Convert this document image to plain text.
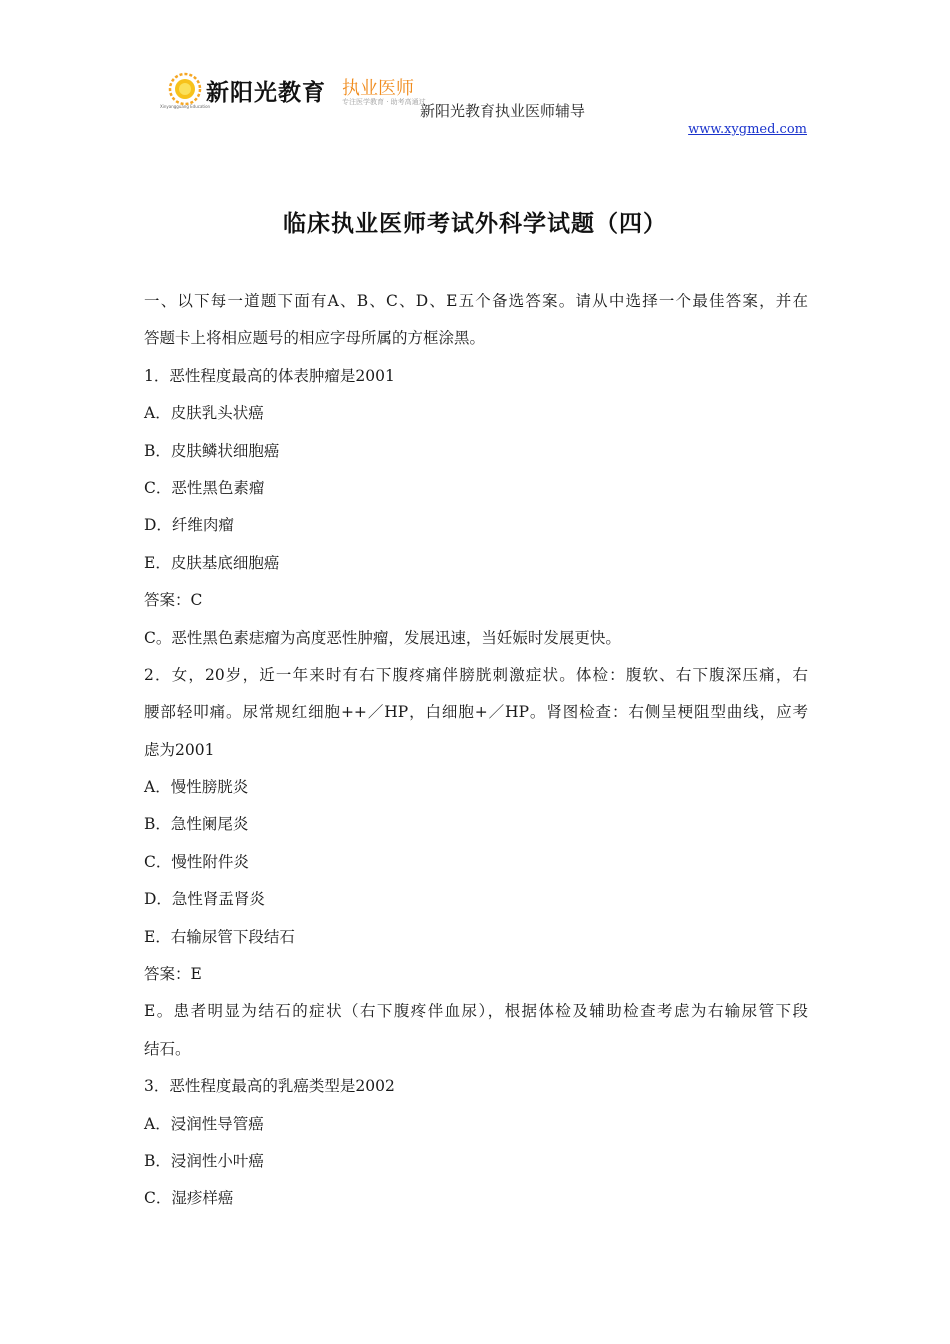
新阳光教育 执业医师
专注医学教育 · 助考高通过
Xinyangguang Education	新阳光教育执业医师辅导
www.xygmed.com
临床执业医师考试外科学试题（四）
一、以下每一道题下面有A、B、C、D、E五个备选答案。请从中选择一个最佳答案，并在
答题卡上将相应题号的相应字母所属的方框涂黑。
1．恶性程度最高的体表肿瘤是2001
A．皮肤乳头状癌
B．皮肤鳞状细胞癌
C．恶性黑色素瘤
D．纤维肉瘤
E．皮肤基底细胞癌
答案：C
C。恶性黑色素痣瘤为高度恶性肿瘤，发展迅速，当妊娠时发展更快。
2．女，20岁，近一年来时有右下腹疼痛伴膀胱刺激症状。体检：腹软、右下腹深压痛，右
腰部轻叩痛。尿常规红细胞++／HP，白细胞+／HP。肾图检查：右侧呈梗阻型曲线，应考
虑为2001
A．慢性膀胱炎
B．急性阑尾炎
C．慢性附件炎
D．急性肾盂肾炎
E．右输尿管下段结石
答案：E
E。患者明显为结石的症状（右下腹疼伴血尿），根据体检及辅助检查考虑为右输尿管下段
结石。
3．恶性程度最高的乳癌类型是2002
A．浸润性导管癌
B．浸润性小叶癌
C．湿疹样癌
